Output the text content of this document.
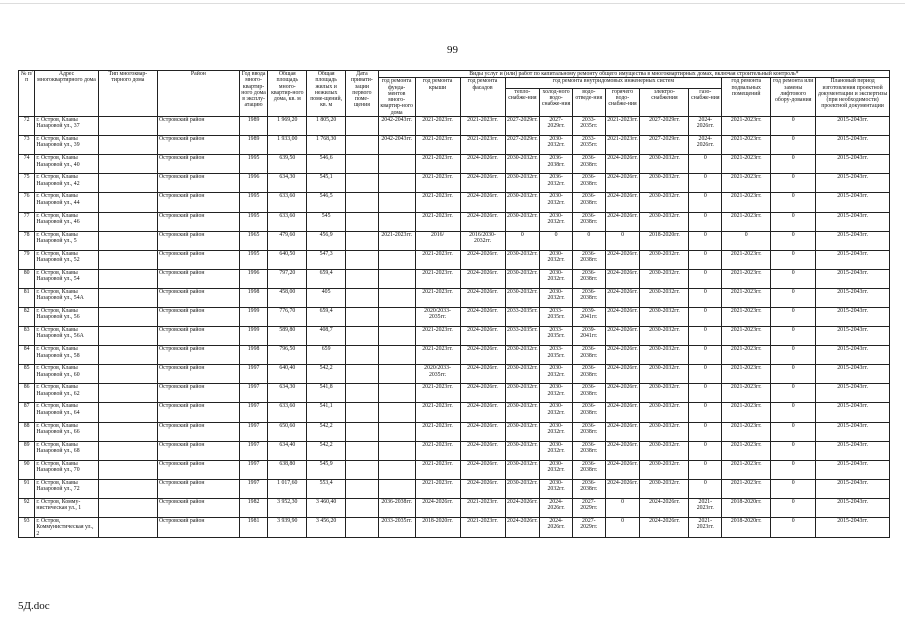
99
№ п/п	Адрес многоквартирного дома	Тип многоквар-тирного дома	Район	Год ввода много-квартир-ного дома в эксплу-атацию	Общая площадь много-квартир-ного дома, кв. м	Общая площадь жилых и нежилых поме-щений, кв. м	Дата привати-зации первого поме-щения	Виды услуг и (или) работ по капитальному ремонту общего имущества в многоквартирных домах, включая строительный контроль*											
								год ремонта фунда-ментов много-квартир-ного дома	год ремонта крыши	год ремонта фасадов	год ремонта внутридомовых инженерных систем						год ремонта подвальных помещений	год ремонта или замены лифтового обору-дования	Плановый период изготовления проектной документации и экспертизы (при необходимости) проектной документации
											тепло-снабже-ния	холод-ного водо-снабже-ния	водо-отведе-ния	горячего водо-снабже-ния	электро-снабжения	газо-снабже-ния			
72	г. Остров, Клавы Назаровой ул., 37		Островский район	1989	1 969,20	1 805,20		2042-2043гг.	2021-2023гг.	2021-2023гг.	2027-2029гг.	2027-2029гг.	2033-2035гг.	2021-2023гг.	2027-2029гг.	2024-2026гг.	2021-2023гг.	0	2015-2043гг.
73	г. Остров, Клавы Назаровой ул., 39		Островский район	1989	1 933,00	1 768,30		2042-2043гг.	2021-2023гг.	2021-2023гг.	2027-2029гг.	2030-2032гг.	2033-2035гг.	2021-2023гг.	2027-2029гг.	2024-2026гг.	2021-2023гг.	0	2015-2043гг.
74	г. Остров, Клавы Назаровой ул., 40		Островский район	1995	639,50	546,6			2021-2023гг.	2024-2026гг.	2030-2032гг.	2036-2038гг.	2036-2038гг.	2024-2026гг.	2030-2032гг.	0	2021-2023гг.	0	2015-2043гг.
75	г. Остров, Клавы Назаровой ул., 42		Островский район	1996	634,30	545,1			2021-2023гг.	2024-2026гг.	2030-2032гг.	2036-2032гг.	2036-2038гг.	2024-2026гг.	2030-2032гг.	0	2021-2023гг.	0	2015-2043гг.
76	г. Остров, Клавы Назаровой ул., 44		Островский район	1995	633,60	546,5			2021-2023гг.	2024-2026гг.	2030-2032гг.	2030-2032гг.	2036-2038гг.	2024-2026гг.	2030-2032гг.	0	2021-2023гг.	0	2015-2043гг.
77	г. Остров, Клавы Назаровой ул., 46		Островский район	1995	633,60	545			2021-2023гг.	2024-2026гг.	2030-2032гг.	2030-2032гг.	2036-2038гг.	2024-2026гг.	2030-2032гг.	0	2021-2023гг.	0	2015-2043гг.
78	г. Остров, Клавы Назаровой ул., 5		Островский район	1965	479,60	456,9		2021-2023гг.	2016/	2016/2030-2032гг.	0	0	0	0	2018-2020гг.	0	0	0	2015-2043гг.
79	г. Остров, Клавы Назаровой ул., 52		Островский район	1995	640,50	547,3			2021-2023гг.	2024-2026гг.	2030-2032гг.	2030-2032гг.	2036-2038гг.	2024-2026гг.	2030-2032гг.	0	2021-2023гг.	0	2015-2043гг.
80	г. Остров, Клавы Назаровой ул., 54		Островский район	1996	797,20	659,4			2021-2023гг.	2024-2026гг.	2030-2032гг.	2030-2032гг.	2036-2038гг.	2024-2026гг.	2030-2032гг.	0	2021-2023гг.	0	2015-2043гг.
81	г. Остров, Клавы Назаровой ул., 54А		Островский район	1998	458,00	405			2021-2023гг.	2024-2026гг.	2030-2032гг.	2030-2032гг.	2036-2038гг.	2024-2026гг.	2030-2032гг.	0	2021-2023гг.	0	2015-2043гг.
82	г. Остров, Клавы Назаровой ул., 56		Островский район	1999	776,70	659,4			2020/2033-2035гг.	2024-2026гг.	2033-2035гг.	2033-2035гг.	2039-2041гг.	2024-2026гг.	2030-2032гг.	0	2021-2023гг.	0	2015-2043гг.
83	г. Остров, Клавы Назаровой ул., 56А		Островский район	1999	589,80	408,7			2021-2023гг.	2024-2026гг.	2033-2035гг.	2033-2035гг.	2039-2041гг.	2024-2026гг.	2030-2032гг.	0	2021-2023гг.	0	2015-2043гг.
84	г. Остров, Клавы Назаровой ул., 58		Островский район	1998	796,50	659			2021-2023гг.	2024-2026гг.	2030-2032гг.	2033-2035гг.	2036-2038гг.	2024-2026гг.	2030-2032гг.	0	2021-2023гг.	0	2015-2043гг.
85	г. Остров, Клавы Назаровой ул., 60		Островский район	1997	640,40	542,2			2020/2033-2035гг.	2024-2026гг.	2030-2032гг.	2030-2032гг.	2036-2038гг.	2024-2026гг.	2030-2032гг.	0	2021-2023гг.	0	2015-2043гг.
86	г. Остров, Клавы Назаровой ул., 62		Островский район	1997	634,30	541,8			2021-2023гг.	2024-2026гг.	2030-2032гг.	2030-2032гг.	2036-2038гг.	2024-2026гг.	2030-2032гг.	0	2021-2023гг.	0	2015-2043гг.
87	г. Остров, Клавы Назаровой ул., 64		Островский район	1997	633,60	541,1			2021-2023гг.	2024-2026гг.	2030-2032гг.	2030-2032гг.	2036-2038гг.	2024-2026гг.	2030-2032гг.	0	2021-2023гг.	0	2015-2043гг.
88	г. Остров, Клавы Назаровой ул., 66		Островский район	1997	650,60	542,2			2021-2023гг.	2024-2026гг.	2030-2032гг.	2030-2032гг.	2036-2038гг.	2024-2026гг.	2030-2032гг.	0	2021-2023гг.	0	2015-2043гг.
89	г. Остров, Клавы Назаровой ул., 68		Островский район	1997	634,40	542,2			2021-2023гг.	2024-2026гг.	2030-2032гг.	2030-2032гг.	2036-2038гг.	2024-2026гг.	2030-2032гг.	0	2021-2023гг.	0	2015-2043гг.
90	г. Остров, Клавы Назаровой ул., 70		Островский район	1997	638,80	545,9			2021-2023гг.	2024-2026гг.	2030-2032гг.	2030-2032гг.	2036-2038гг.	2024-2026гг.	2030-2032гг.	0	2021-2023гг.	0	2015-2043гг.
91	г. Остров, Клавы Назаровой ул., 72		Островский район	1997	1 017,60	553,4			2021-2023гг.	2024-2026гг.	2030-2032гг.	2030-2032гг.	2036-2038гг.	2024-2026гг.	2030-2032гг.	0	2021-2023гг.	0	2015-2043гг.
92	г. Остров, Комму-нистическая ул., 1		Островский район	1982	3 952,30	3 460,40		2036-2038гг.	2024-2026гг.	2021-2023гг.	2024-2026гг.	2024-2026гг.	2027-2029гг.	0	2024-2026гг.	2021-2023гг.	2018-2020гг.	0	2015-2043гг.
93	г. Остров, Коммунистическая ул., 2		Островский район	1981	3 939,90	3 456,20		2033-2035гг.	2018-2020гг.	2021-2023гг.	2024-2026гг.	2024-2026гг.	2027-2029гг.	0	2024-2026гг.	2021-2023гг.	2018-2020гг.	0	2015-2043гг.
5Д.doc
